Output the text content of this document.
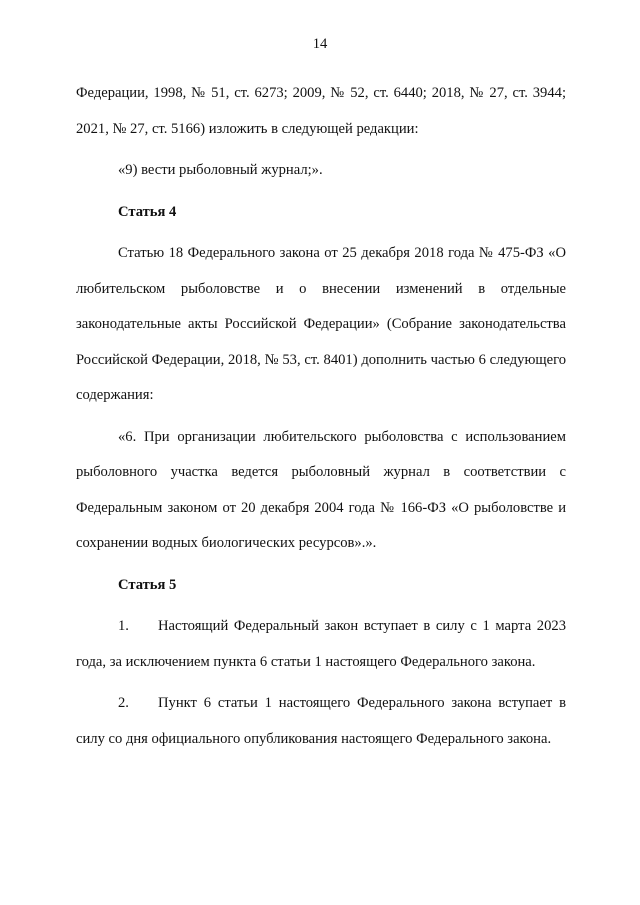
14

Федерации, 1998, № 51, ст. 6273; 2009, № 52, ст. 6440; 2018, № 27, ст. 3944;

2021, № 27, ст. 5166) изложить в следующей редакции:

«9) вести рыболовный журнал;».

Статья 4

Статью 18 Федерального закона от 25 декабря 2018 года № 475-ФЗ «О любительском рыболовстве и о внесении изменений в отдельные законодательные акты Российской Федерации» (Собрание законодательства Российской Федерации, 2018, № 53, ст. 8401) дополнить частью 6 следующего содержания:

«6. При организации любительского рыболовства с использованием рыболовного участка ведется рыболовный журнал в соответствии с Федеральным законом от 20 декабря 2004 года № 166-ФЗ «О рыболовстве и сохранении водных биологических ресурсов».».

Статья 5

1. Настоящий Федеральный закон вступает в силу с 1 марта 2023 года, за исключением пункта 6 статьи 1 настоящего Федерального закона.

2. Пункт 6 статьи 1 настоящего Федерального закона вступает в силу со дня официального опубликования настоящего Федерального закона.
